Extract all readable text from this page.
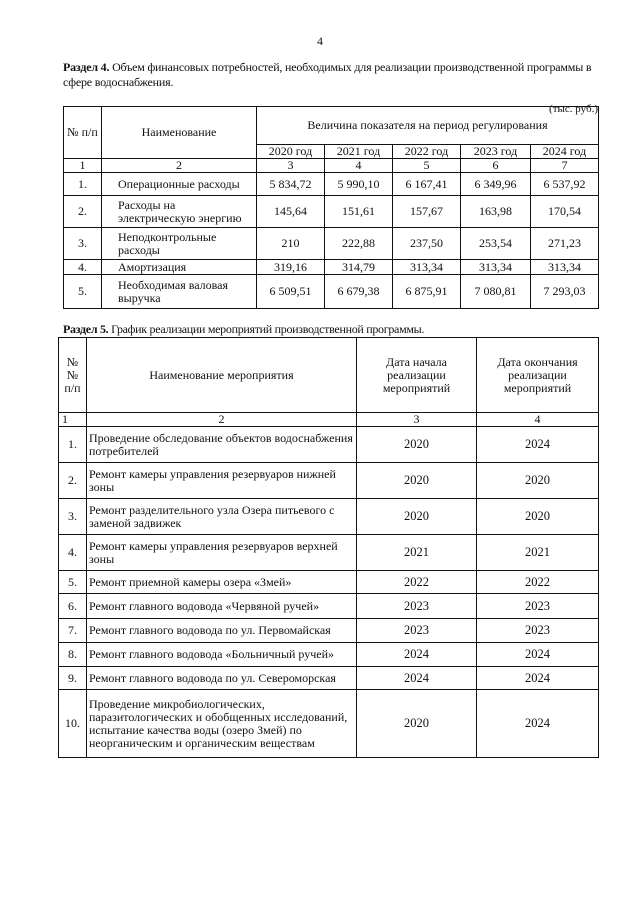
4
Раздел 4. Объем финансовых потребностей, необходимых для реализации производственной программы в сфере водоснабжения.
(тыс. руб.)
№ п/п	Наименование	Величина показателя на период регулирования				
		2020 год	2021 год	2022 год	2023 год	2024 год
1	2	3	4	5	6	7
1.	Операционные расходы	5 834,72	5 990,10	6 167,41	6 349,96	6 537,92
2.	Расходы на электрическую энергию	145,64	151,61	157,67	163,98	170,54
3.	Неподконтрольные расходы	210	222,88	237,50	253,54	271,23
4.	Амортизация	319,16	314,79	313,34	313,34	313,34
5.	Необходимая валовая выручка	6 509,51	6 679,38	6 875,91	7 080,81	7 293,03
Раздел 5. График реализации мероприятий производственной программы.
№№ п/п	Наименование мероприятия	Дата начала реализации мероприятий	Дата окончания реализации мероприятий
1	2	3	4
1.	Проведение обследование объектов водоснабжения потребителей	2020	2024
2.	Ремонт камеры управления резервуаров нижней зоны	2020	2020
3.	Ремонт разделительного узла Озера питьевого с заменой задвижек	2020	2020
4.	Ремонт камеры управления резервуаров верхней зоны	2021	2021
5.	Ремонт приемной камеры озера «Змей»	2022	2022
6.	Ремонт главного водовода «Червяной ручей»	2023	2023
7.	Ремонт главного водовода по ул. Первомайская	2023	2023
8.	Ремонт главного водовода «Больничный ручей»	2024	2024
9.	Ремонт главного водовода по ул. Североморская	2024	2024
10.	Проведение микробиологических, паразитологических и обобщенных исследований, испытание качества воды (озеро Змей) по неорганическим и органическим веществам	2020	2024
